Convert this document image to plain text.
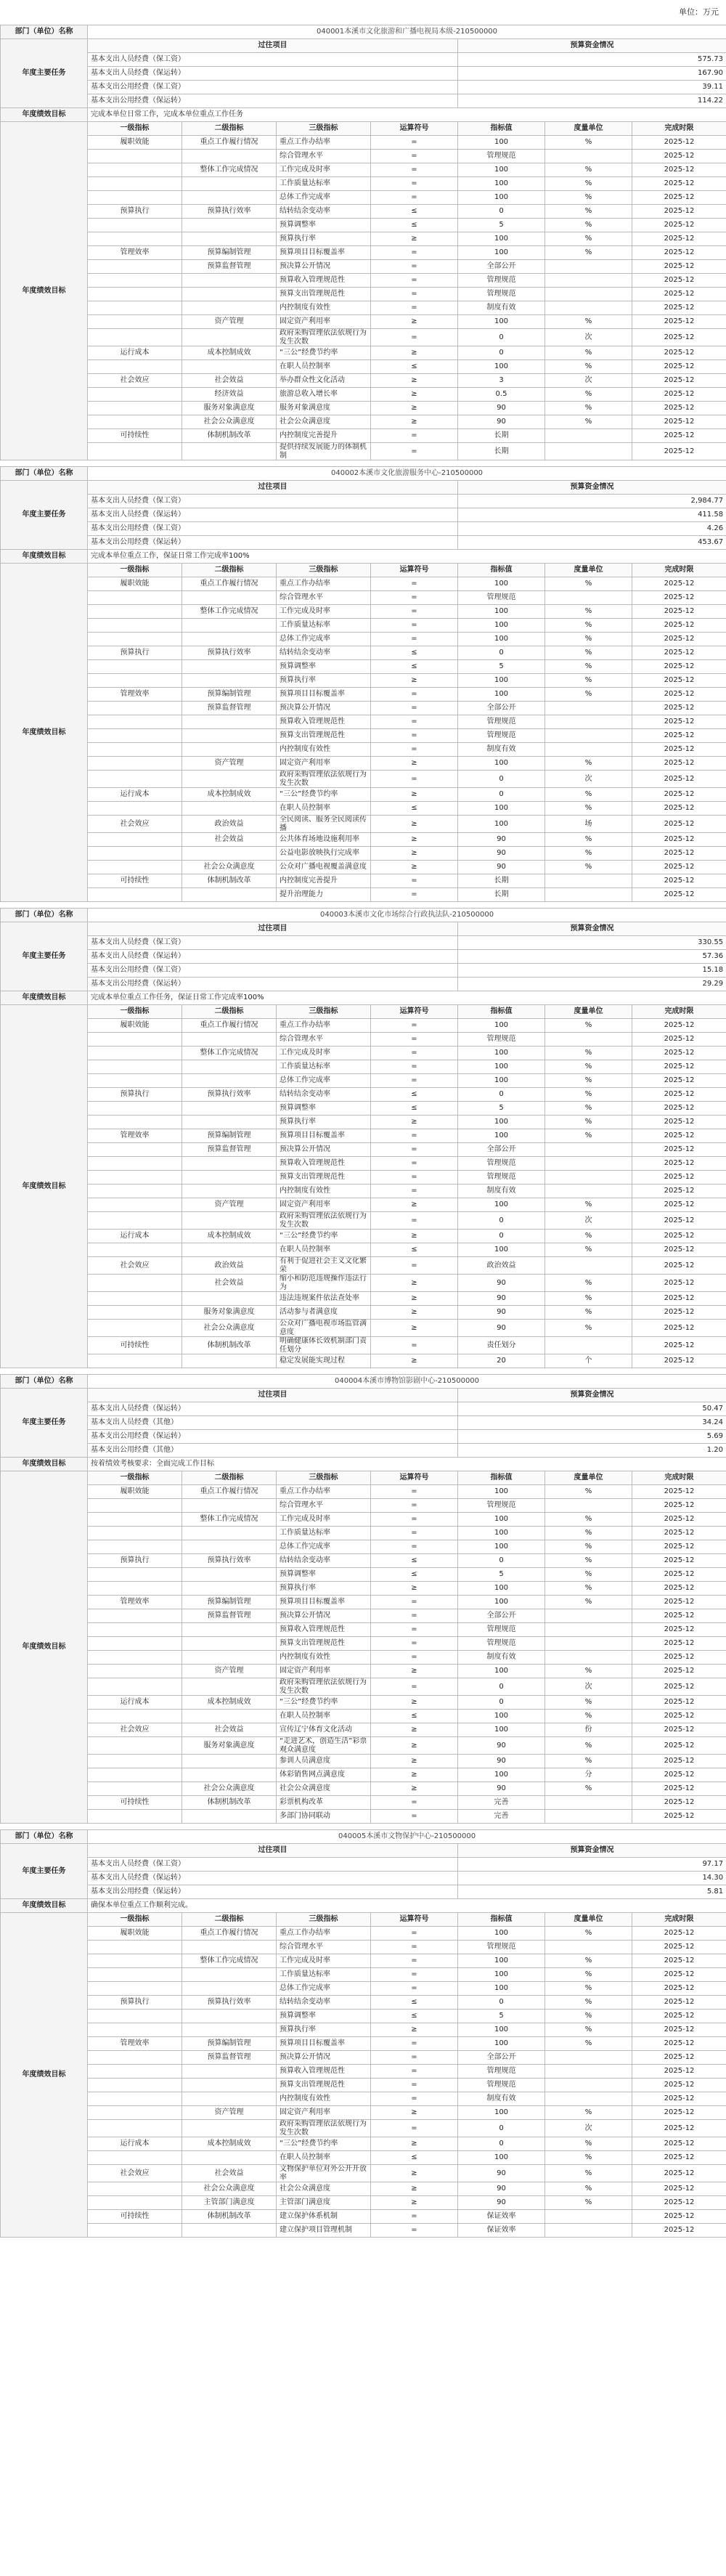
单位：万元
部门（单位）名称	040001本溪市文化旅游和广播电视局本级-210500000						
年度主要任务	过往项目				预算资金情况		
	基本支出人员经费（保工资）				575.73		
	基本支出人员经费（保运转）				167.90		
	基本支出公用经费（保工资）				39.11		
	基本支出公用经费（保运转）				114.22		
年度绩效目标	完成本单位日常工作，完成本单位重点工作任务						
年度绩效目标	一级指标	二级指标	三级指标	运算符号	指标值	度量单位	完成时限
	履职效能	重点工作履行情况	重点工作办结率	=	100	%	2025-12
			综合管理水平	=	管理规范		2025-12
		整体工作完成情况	工作完成及时率	=	100	%	2025-12
			工作质量达标率	=	100	%	2025-12
			总体工作完成率	=	100	%	2025-12
	预算执行	预算执行效率	结转结余变动率	≤	0	%	2025-12
			预算调整率	≤	5	%	2025-12
			预算执行率	≥	100	%	2025-12
	管理效率	预算编制管理	预算项目目标覆盖率	=	100	%	2025-12
		预算监督管理	预决算公开情况	=	全部公开		2025-12
			预算收入管理规范性	=	管理规范		2025-12
			预算支出管理规范性	=	管理规范		2025-12
			内控制度有效性	=	制度有效		2025-12
		资产管理	固定资产利用率	≥	100	%	2025-12
			政府采购管理依法依规行为发生次数	=	0	次	2025-12
	运行成本	成本控制成效	“三公”经费节约率	≥	0	%	2025-12
			在职人员控制率	≤	100	%	2025-12
	社会效应	社会效益	举办群众性文化活动	≥	3	次	2025-12
		经济效益	旅游总收入增长率	≥	0.5	%	2025-12
		服务对象满意度	服务对象满意度	≥	90	%	2025-12
		社会公众满意度	社会公众满意度	≥	90	%	2025-12
	可持续性	体制机制改革	内控制度完善提升	=	长期		2025-12
			提供持续发展能力的体制机制	=	长期		2025-12
部门（单位）名称	040002本溪市文化旅游服务中心-210500000						
年度主要任务	过往项目				预算资金情况		
	基本支出人员经费（保工资）				2,984.77		
	基本支出人员经费（保运转）				411.58		
	基本支出公用经费（保工资）				4.26		
	基本支出公用经费（保运转）				453.67		
年度绩效目标	完成本单位重点工作，保证日常工作完成率100%						
年度绩效目标	一级指标	二级指标	三级指标	运算符号	指标值	度量单位	完成时限
	履职效能	重点工作履行情况	重点工作办结率	=	100	%	2025-12
			综合管理水平	=	管理规范		2025-12
		整体工作完成情况	工作完成及时率	=	100	%	2025-12
			工作质量达标率	=	100	%	2025-12
			总体工作完成率	=	100	%	2025-12
	预算执行	预算执行效率	结转结余变动率	≤	0	%	2025-12
			预算调整率	≤	5	%	2025-12
			预算执行率	≥	100	%	2025-12
	管理效率	预算编制管理	预算项目目标覆盖率	=	100	%	2025-12
		预算监督管理	预决算公开情况	=	全部公开		2025-12
			预算收入管理规范性	=	管理规范		2025-12
			预算支出管理规范性	=	管理规范		2025-12
			内控制度有效性	=	制度有效		2025-12
		资产管理	固定资产利用率	≥	100	%	2025-12
			政府采购管理依法依规行为发生次数	=	0	次	2025-12
	运行成本	成本控制成效	“三公”经费节约率	≥	0	%	2025-12
			在职人员控制率	≤	100	%	2025-12
	社会效应	政治效益	全民阅读、服务全民阅读传播	≥	100	场	2025-12
		社会效益	公共体育场地设施利用率	≥	90	%	2025-12
			公益电影放映执行完成率	≥	90	%	2025-12
		社会公众满意度	公众对广播电视覆盖满意度	≥	90	%	2025-12
	可持续性	体制机制改革	内控制度完善提升	=	长期		2025-12
			提升治理能力	=	长期		2025-12
部门（单位）名称	040003本溪市文化市场综合行政执法队-210500000						
年度主要任务	过往项目				预算资金情况		
	基本支出人员经费（保工资）				330.55		
	基本支出人员经费（保运转）				57.36		
	基本支出公用经费（保工资）				15.18		
	基本支出公用经费（保运转）				29.29		
年度绩效目标	完成本单位重点工作任务，保证日常工作完成率100%						
年度绩效目标	一级指标	二级指标	三级指标	运算符号	指标值	度量单位	完成时限
	履职效能	重点工作履行情况	重点工作办结率	=	100	%	2025-12
			综合管理水平	=	管理规范		2025-12
		整体工作完成情况	工作完成及时率	=	100	%	2025-12
			工作质量达标率	=	100	%	2025-12
			总体工作完成率	=	100	%	2025-12
	预算执行	预算执行效率	结转结余变动率	≤	0	%	2025-12
			预算调整率	≤	5	%	2025-12
			预算执行率	≥	100	%	2025-12
	管理效率	预算编制管理	预算项目目标覆盖率	=	100	%	2025-12
		预算监督管理	预决算公开情况	=	全部公开		2025-12
			预算收入管理规范性	=	管理规范		2025-12
			预算支出管理规范性	=	管理规范		2025-12
			内控制度有效性	=	制度有效		2025-12
		资产管理	固定资产利用率	≥	100	%	2025-12
			政府采购管理依法依规行为发生次数	=	0	次	2025-12
	运行成本	成本控制成效	“三公”经费节约率	≥	0	%	2025-12
			在职人员控制率	≤	100	%	2025-12
	社会效应	政治效益	有利于促进社会主义文化繁荣	=	政治效益		2025-12
		社会效益	缩小和防范违规操作违法行为	≥	90	%	2025-12
			违法违规案件依法查处率	≥	90	%	2025-12
		服务对象满意度	活动参与者满意度	≥	90	%	2025-12
		社会公众满意度	公众对广播电视市场监管满意度	≥	90	%	2025-12
	可持续性	体制机制改革	明确健康体长效机制部门责任划分	=	责任划分		2025-12
			稳定发展能实现过程	≥	20	个	2025-12
部门（单位）名称	040004本溪市博物馆影剧中心-210500000						
年度主要任务	过往项目				预算资金情况		
	基本支出人员经费（保运转）				50.47		
	基本支出人员经费（其他）				34.24		
	基本支出公用经费（保运转）				5.69		
	基本支出公用经费（其他）				1.20		
年度绩效目标	按着绩效考核要求：全面完成工作目标						
年度绩效目标	一级指标	二级指标	三级指标	运算符号	指标值	度量单位	完成时限
	履职效能	重点工作履行情况	重点工作办结率	=	100	%	2025-12
			综合管理水平	=	管理规范		2025-12
		整体工作完成情况	工作完成及时率	=	100	%	2025-12
			工作质量达标率	=	100	%	2025-12
			总体工作完成率	=	100	%	2025-12
	预算执行	预算执行效率	结转结余变动率	≤	0	%	2025-12
			预算调整率	≤	5	%	2025-12
			预算执行率	≥	100	%	2025-12
	管理效率	预算编制管理	预算项目目标覆盖率	=	100	%	2025-12
		预算监督管理	预决算公开情况	=	全部公开		2025-12
			预算收入管理规范性	=	管理规范		2025-12
			预算支出管理规范性	=	管理规范		2025-12
			内控制度有效性	=	制度有效		2025-12
		资产管理	固定资产利用率	≥	100	%	2025-12
			政府采购管理依法依规行为发生次数	=	0	次	2025-12
	运行成本	成本控制成效	“三公”经费节约率	≥	0	%	2025-12
			在职人员控制率	≤	100	%	2025-12
	社会效应	社会效益	宣传辽宁体育文化活动	≥	100	份	2025-12
		服务对象满意度	“走进艺术，创造生活”彩票观众满意度	≥	90	%	2025-12
			参训人员满意度	≥	90	%	2025-12
			体彩销售网点满意度	≥	100	分	2025-12
		社会公众满意度	社会公众满意度	≥	90	%	2025-12
	可持续性	体制机制改革	彩票机构改革	=	完善		2025-12
			多部门协同联动	=	完善		2025-12
部门（单位）名称	040005本溪市文物保护中心-210500000						
年度主要任务	过往项目				预算资金情况		
	基本支出人员经费（保工资）				97.17		
	基本支出人员经费（保运转）				14.30		
	基本支出公用经费（保运转）				5.81		
年度绩效目标	确保本单位重点工作顺利完成。						
年度绩效目标	一级指标	二级指标	三级指标	运算符号	指标值	度量单位	完成时限
	履职效能	重点工作履行情况	重点工作办结率	=	100	%	2025-12
			综合管理水平	=	管理规范		2025-12
		整体工作完成情况	工作完成及时率	=	100	%	2025-12
			工作质量达标率	=	100	%	2025-12
			总体工作完成率	=	100	%	2025-12
	预算执行	预算执行效率	结转结余变动率	≤	0	%	2025-12
			预算调整率	≤	5	%	2025-12
			预算执行率	≥	100	%	2025-12
	管理效率	预算编制管理	预算项目目标覆盖率	=	100	%	2025-12
		预算监督管理	预决算公开情况	=	全部公开		2025-12
			预算收入管理规范性	=	管理规范		2025-12
			预算支出管理规范性	=	管理规范		2025-12
			内控制度有效性	=	制度有效		2025-12
		资产管理	固定资产利用率	≥	100	%	2025-12
			政府采购管理依法依规行为发生次数	=	0	次	2025-12
	运行成本	成本控制成效	“三公”经费节约率	≥	0	%	2025-12
			在职人员控制率	≤	100	%	2025-12
	社会效应	社会效益	文物保护单位对外公开开放率	≥	90	%	2025-12
		社会公众满意度	社会公众满意度	≥	90	%	2025-12
		主管部门满意度	主管部门满意度	≥	90	%	2025-12
	可持续性	体制机制改革	建立保护体系机制	=	保证效率		2025-12
			建立保护项目管理机制	=	保证效率		2025-12
